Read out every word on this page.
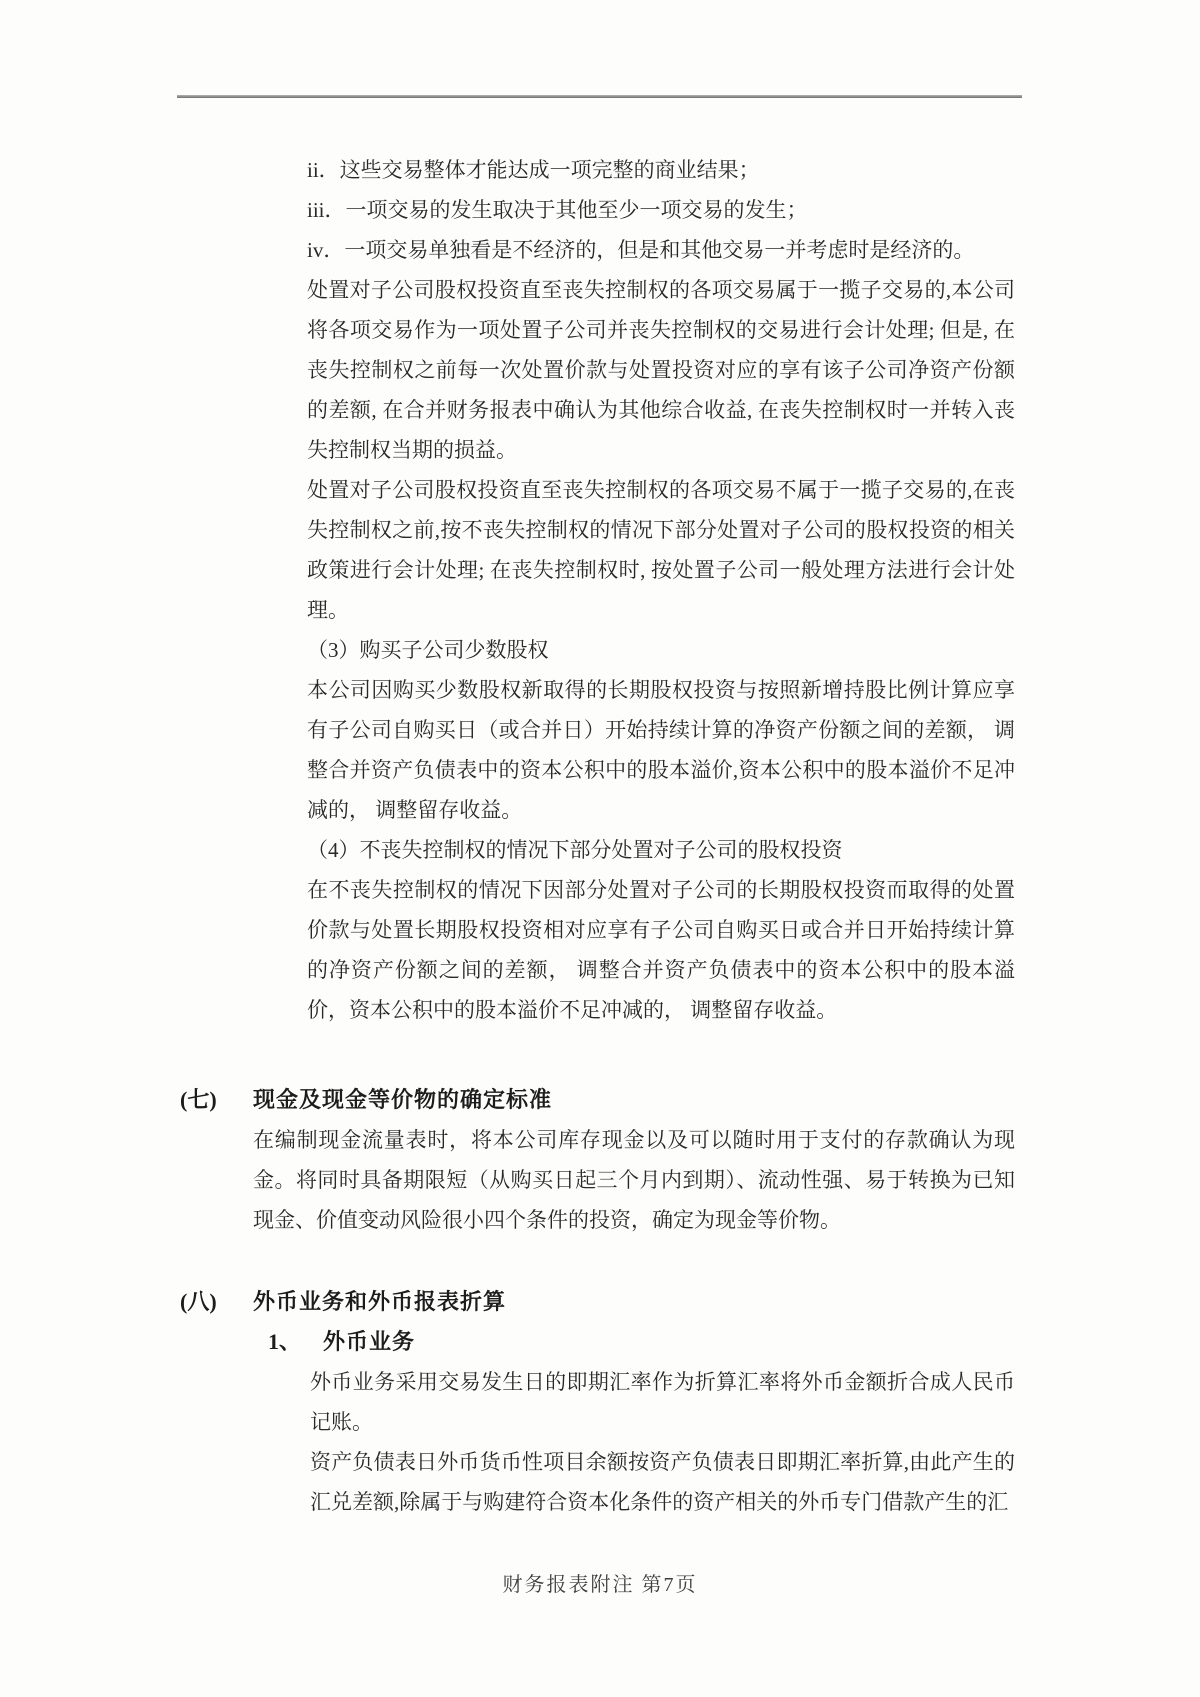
ii．这些交易整体才能达成一项完整的商业结果；
iii．一项交易的发生取决于其他至少一项交易的发生；
iv．一项交易单独看是不经济的，但是和其他交易一并考虑时是经济的。

处置对子公司股权投资直至丧失控制权的各项交易属于一揽子交易的,本公司将各项交易作为一项处置子公司并丧失控制权的交易进行会计处理; 但是, 在丧失控制权之前每一次处置价款与处置投资对应的享有该子公司净资产份额的差额, 在合并财务报表中确认为其他综合收益, 在丧失控制权时一并转入丧失控制权当期的损益。

处置对子公司股权投资直至丧失控制权的各项交易不属于一揽子交易的,在丧失控制权之前,按不丧失控制权的情况下部分处置对子公司的股权投资的相关政策进行会计处理; 在丧失控制权时, 按处置子公司一般处理方法进行会计处理。

（3）购买子公司少数股权

本公司因购买少数股权新取得的长期股权投资与按照新增持股比例计算应享有子公司自购买日（或合并日）开始持续计算的净资产份额之间的差额， 调整合并资产负债表中的资本公积中的股本溢价,资本公积中的股本溢价不足冲减的， 调整留存收益。

（4）不丧失控制权的情况下部分处置对子公司的股权投资

在不丧失控制权的情况下因部分处置对子公司的长期股权投资而取得的处置价款与处置长期股权投资相对应享有子公司自购买日或合并日开始持续计算的净资产份额之间的差额， 调整合并资产负债表中的资本公积中的股本溢价，资本公积中的股本溢价不足冲减的， 调整留存收益。

(七) 现金及现金等价物的确定标准

在编制现金流量表时，将本公司库存现金以及可以随时用于支付的存款确认为现金。将同时具备期限短（从购买日起三个月内到期）、流动性强、易于转换为已知现金、价值变动风险很小四个条件的投资，确定为现金等价物。

(八) 外币业务和外币报表折算
1、 外币业务

外币业务采用交易发生日的即期汇率作为折算汇率将外币金额折合成人民币记账。

资产负债表日外币货币性项目余额按资产负债表日即期汇率折算,由此产生的汇兑差额,除属于与购建符合资本化条件的资产相关的外币专门借款产生的汇

财务报表附注 第7页
